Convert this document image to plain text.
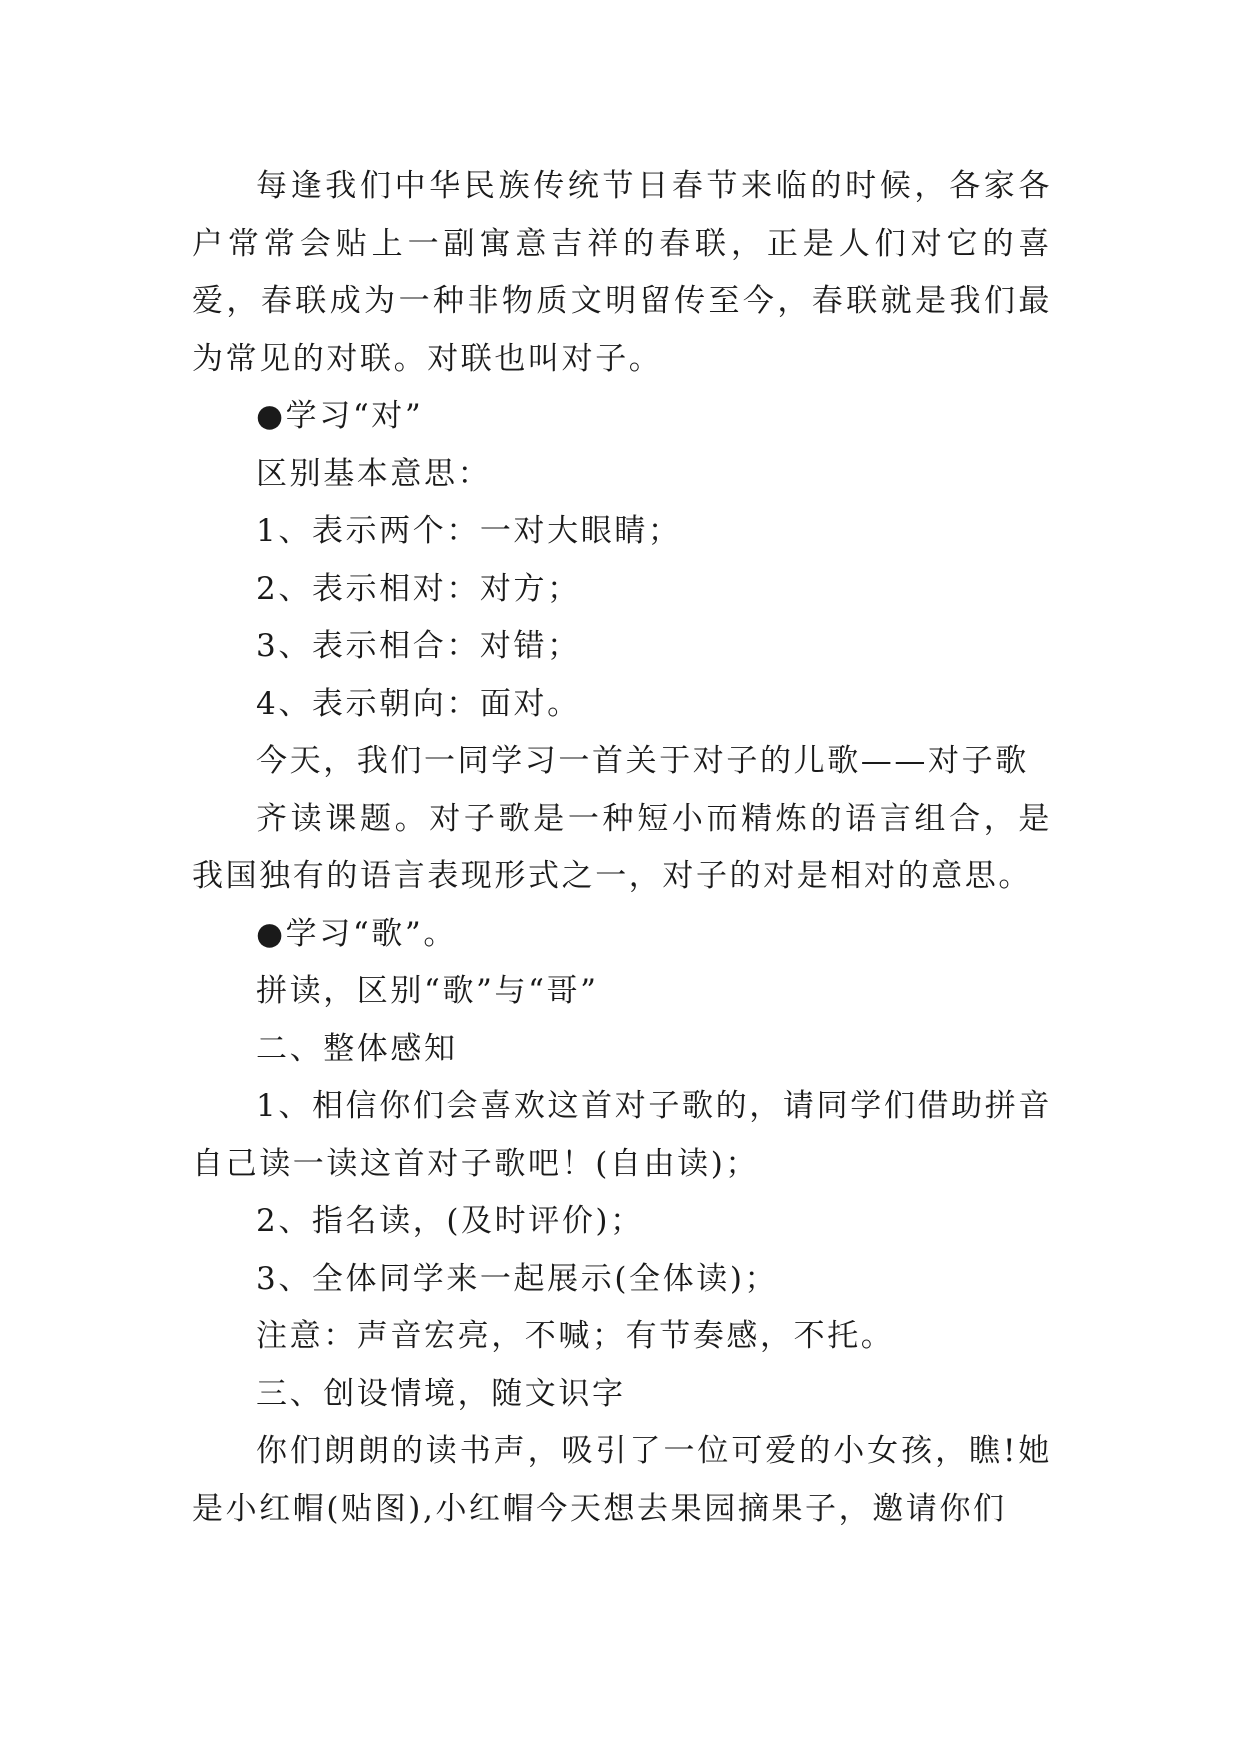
每逢我们中华民族传统节日春节来临的时候，各家各户常常会贴上一副寓意吉祥的春联，正是人们对它的喜爱，春联成为一种非物质文明留传至今，春联就是我们最为常见的对联。对联也叫对子。

●学习“对”

区别基本意思：

1、表示两个：一对大眼睛；

2、表示相对：对方；

3、表示相合：对错；

4、表示朝向：面对。

今天，我们一同学习一首关于对子的儿歌——对子歌

齐读课题。对子歌是一种短小而精炼的语言组合，是我国独有的语言表现形式之一，对子的对是相对的意思。

●学习“歌”。

拼读，区别“歌”与“哥”

二、整体感知

1、相信你们会喜欢这首对子歌的，请同学们借助拼音自己读一读这首对子歌吧！(自由读)；

2、指名读，(及时评价)；

3、全体同学来一起展示(全体读)；

注意：声音宏亮，不喊；有节奏感，不托。

三、创设情境，随文识字

你们朗朗的读书声，吸引了一位可爱的小女孩，瞧!她是小红帽(贴图),小红帽今天想去果园摘果子，邀请你们
